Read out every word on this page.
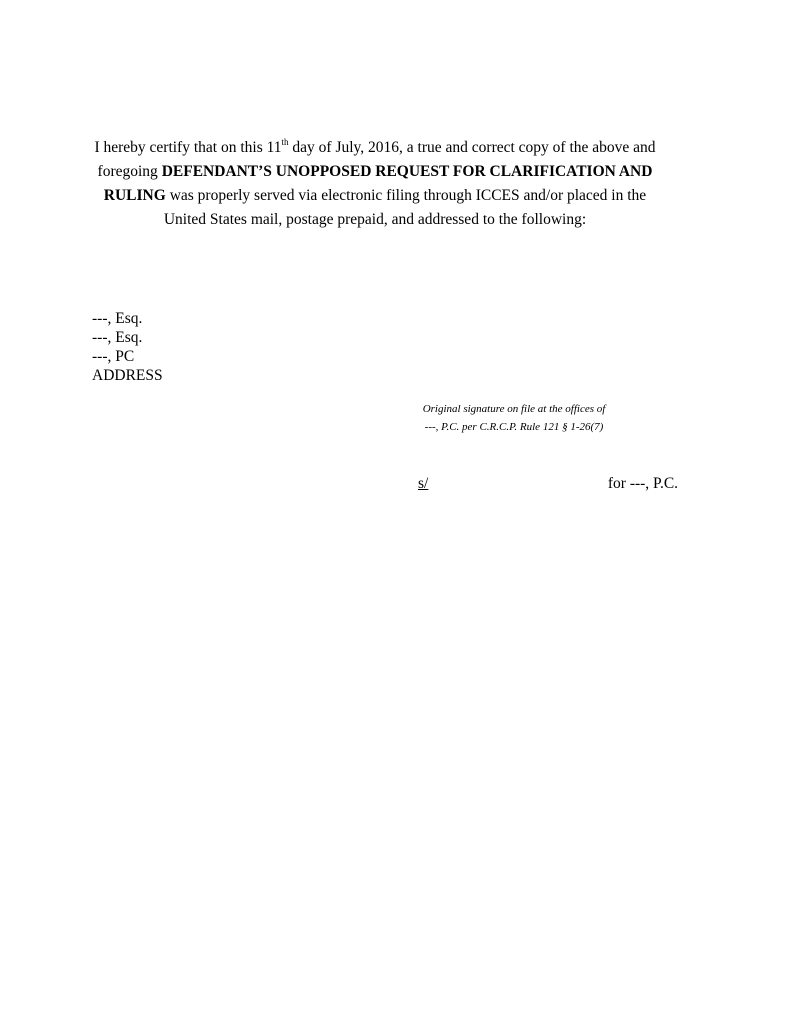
I hereby certify that on this 11th day of July, 2016, a true and correct copy of the above and foregoing DEFENDANT’S UNOPPOSED REQUEST FOR CLARIFICATION AND RULING was properly served via electronic filing through ICCES and/or placed in the United States mail, postage prepaid, and addressed to the following:
---, Esq.
---, Esq.
---, PC
ADDRESS
Original signature on file at the offices of
---, P.C. per C.R.C.P. Rule 121 § 1-26(7)
s/	for ---, P.C.
